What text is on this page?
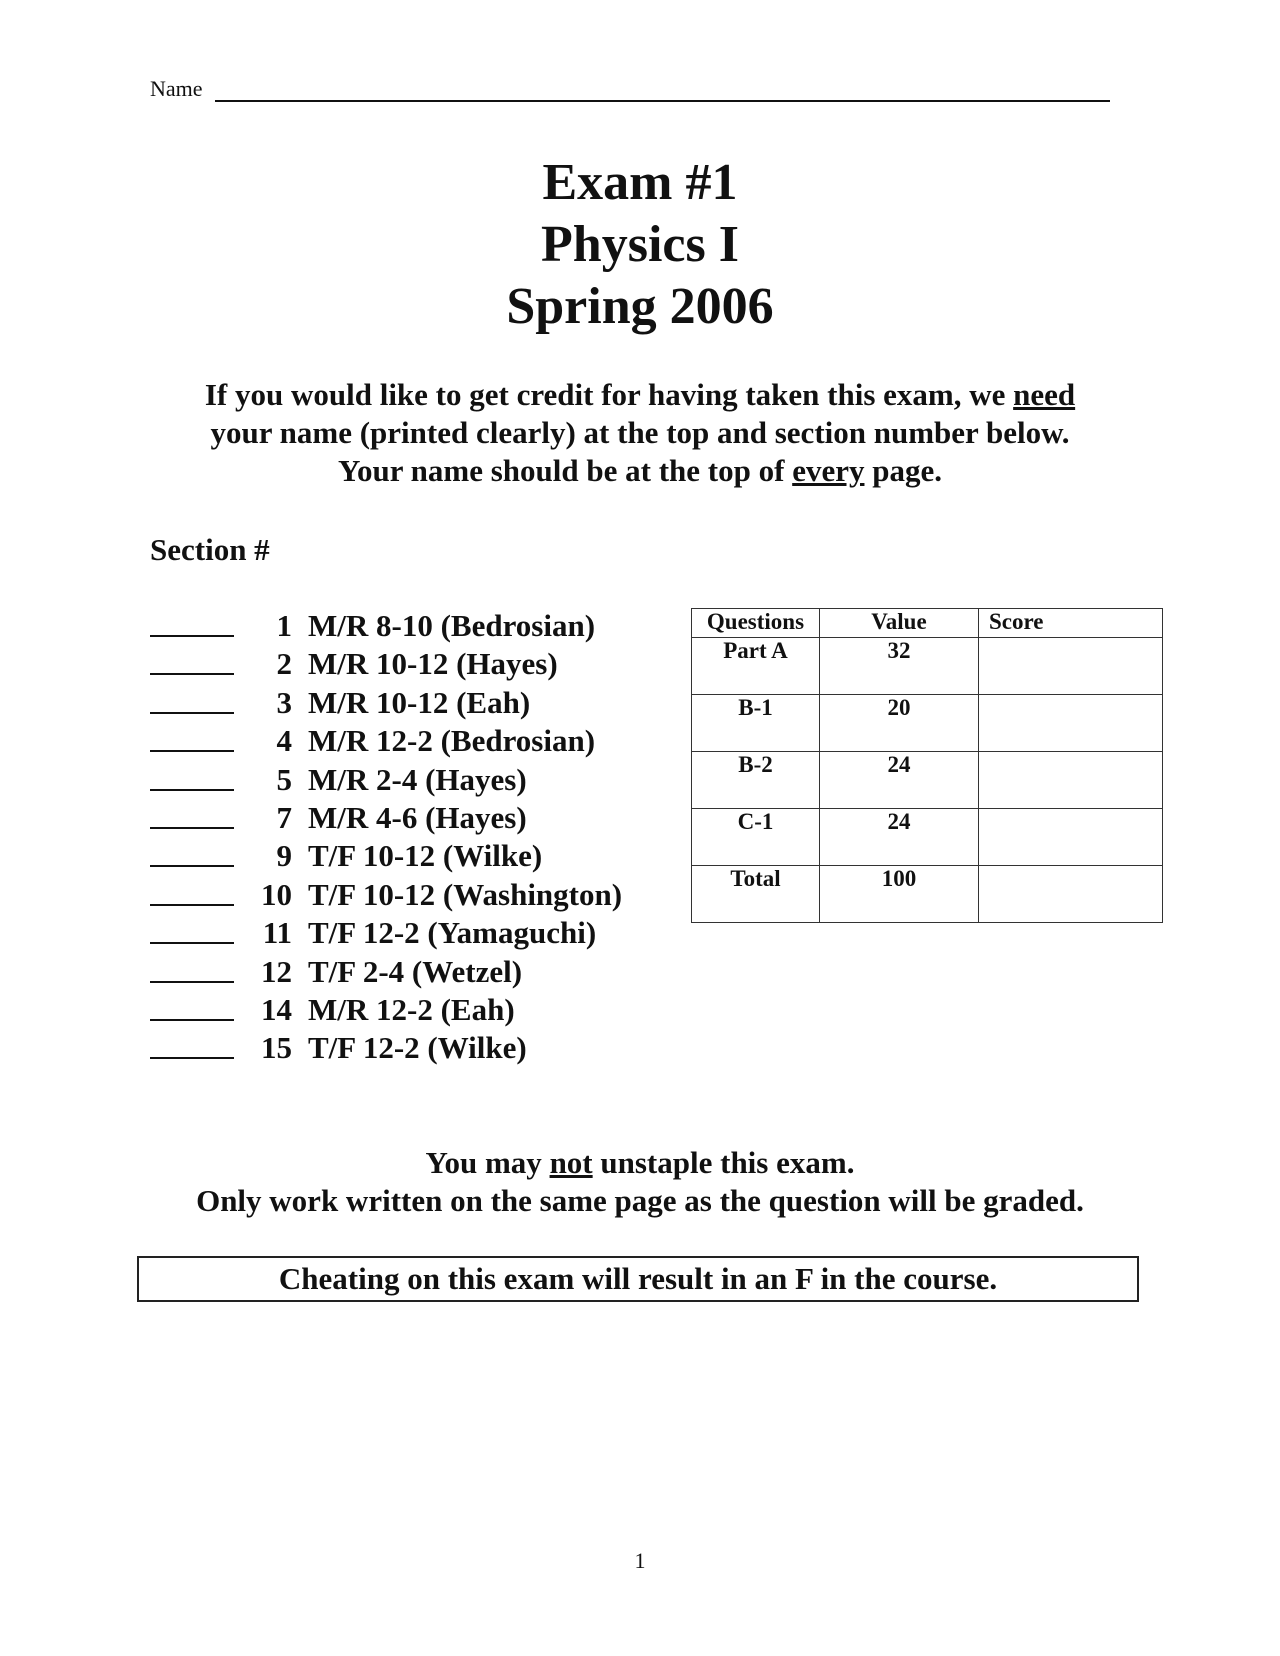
Name
Exam #1
Physics I
Spring 2006
If you would like to get credit for having taken this exam, we need
your name (printed clearly) at the top and section number below.
Your name should be at the top of every page.
Section #
1 M/R 8-10 (Bedrosian)
2 M/R 10-12 (Hayes)
3 M/R 10-12 (Eah)
4 M/R 12-2 (Bedrosian)
5 M/R 2-4 (Hayes)
7 M/R 4-6 (Hayes)
9 T/F 10-12 (Wilke)
10 T/F 10-12 (Washington)
11 T/F 12-2 (Yamaguchi)
12 T/F 2-4 (Wetzel)
14 M/R 12-2 (Eah)
15 T/F 12-2 (Wilke)
Questions	Value	Score
Part A	32	
B-1	20	
B-2	24	
C-1	24	
Total	100	
You may not unstaple this exam.
Only work written on the same page as the question will be graded.
Cheating on this exam will result in an F in the course.
1
